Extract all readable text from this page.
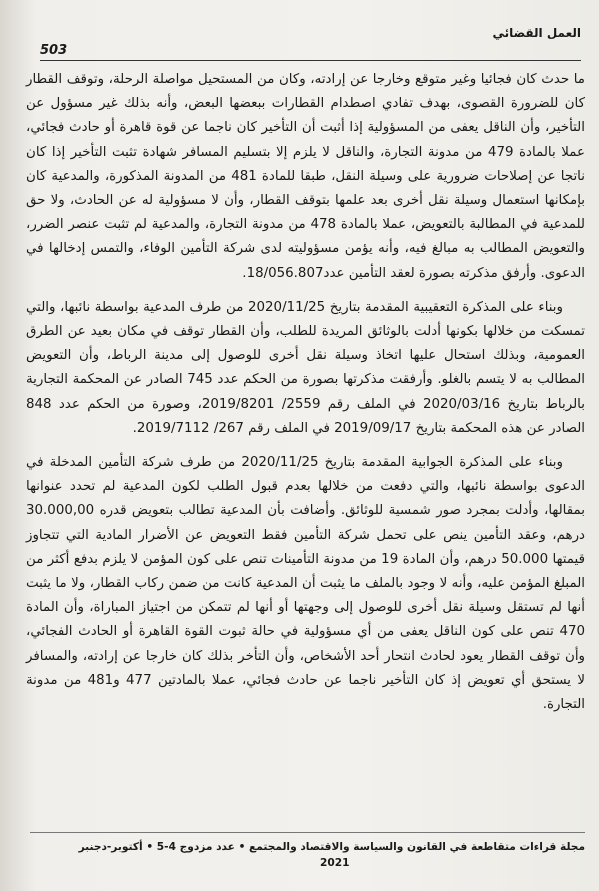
503
العمل القضائي

ما حدث كان فجائيا وغير متوقع وخارجا عن إرادته، وكان من المستحيل مواصلة الرحلة، وتوقف القطار كان للضرورة القصوى، بهدف تفادي اصطدام القطارات ببعضها البعض، وأنه بذلك غير مسؤول عن التأخير، وأن الناقل يعفى من المسؤولية إذا أثبت أن التأخير كان ناجما عن قوة قاهرة أو حادث فجائي، عملا بالمادة 479 من مدونة التجارة، والناقل لا يلزم إلا بتسليم المسافر شهادة تثبت التأخير إذا كان ناتجا عن إصلاحات ضرورية على وسيلة النقل، طبقا للمادة 481 من المدونة المذكورة، والمدعية كان بإمكانها استعمال وسيلة نقل أخرى بعد علمها بتوقف القطار، وأن لا مسؤولية له عن الحادث، ولا حق للمدعية في المطالبة بالتعويض، عملا بالمادة 478 من مدونة التجارة، والمدعية لم تثبت عنصر الضرر، والتعويض المطالب به مبالغ فيه، وأنه يؤمن مسؤوليته لدى شركة التأمين الوفاء، والتمس إدخالها في الدعوى. وأرفق مذكرته بصورة لعقد التأمين عدد18/056.807.

وبناء على المذكرة التعقيبية المقدمة بتاريخ 2020/11/25 من طرف المدعية بواسطة نائبها، والتي تمسكت من خلالها بكونها أدلت بالوثائق المريدة للطلب، وأن القطار توقف في مكان بعيد عن الطرق العمومية، وبذلك استحال عليها اتخاذ وسيلة نقل أخرى للوصول إلى مدينة الرباط، وأن التعويض المطالب به لا يتسم بالغلو. وأرفقت مذكرتها بصورة من الحكم عدد 745 الصادر عن المحكمة التجارية بالرباط بتاريخ 2020/03/16 في الملف رقم 2559/ 2019/8201، وصورة من الحكم عدد 848 الصادر عن هذه المحكمة بتاريخ 2019/09/17 في الملف رقم 267/ 2019/7112.

وبناء على المذكرة الجوابية المقدمة بتاريخ 2020/11/25 من طرف شركة التأمين المدخلة في الدعوى بواسطة نائبها، والتي دفعت من خلالها بعدم قبول الطلب لكون المدعية لم تحدد عنوانها بمقالها، وأدلت بمجرد صور شمسية للوثائق. وأضافت بأن المدعية تطالب بتعويض قدره 30.000,00 درهم، وعقد التأمين ينص على تحمل شركة التأمين فقط التعويض عن الأضرار المادية التي تتجاوز قيمتها 50.000 درهم، وأن المادة 19 من مدونة التأمينات تنص على كون المؤمن لا يلزم بدفع أكثر من المبلغ المؤمن عليه، وأنه لا وجود بالملف ما يثبت أن المدعية كانت من ضمن ركاب القطار، ولا ما يثبت أنها لم تستقل وسيلة نقل أخرى للوصول إلى وجهتها أو أنها لم تتمكن من اجتياز المباراة، وأن المادة 470 تنص على كون الناقل يعفى من أي مسؤولية في حالة ثبوت القوة القاهرة أو الحادث الفجائي، وأن توقف القطار يعود لحادث انتحار أحد الأشخاص، وأن التأخر بذلك كان خارجا عن إرادته، والمسافر لا يستحق أي تعويض إذ كان التأخير ناجما عن حادث فجائي، عملا بالمادتين 477 و481 من مدونة التجارة.

مجلة قراءات متقاطعة في القانون والسياسة والاقتصاد والمجتمع • عدد مزدوج 4-5 • أكتوبر-دجنبر
2021
